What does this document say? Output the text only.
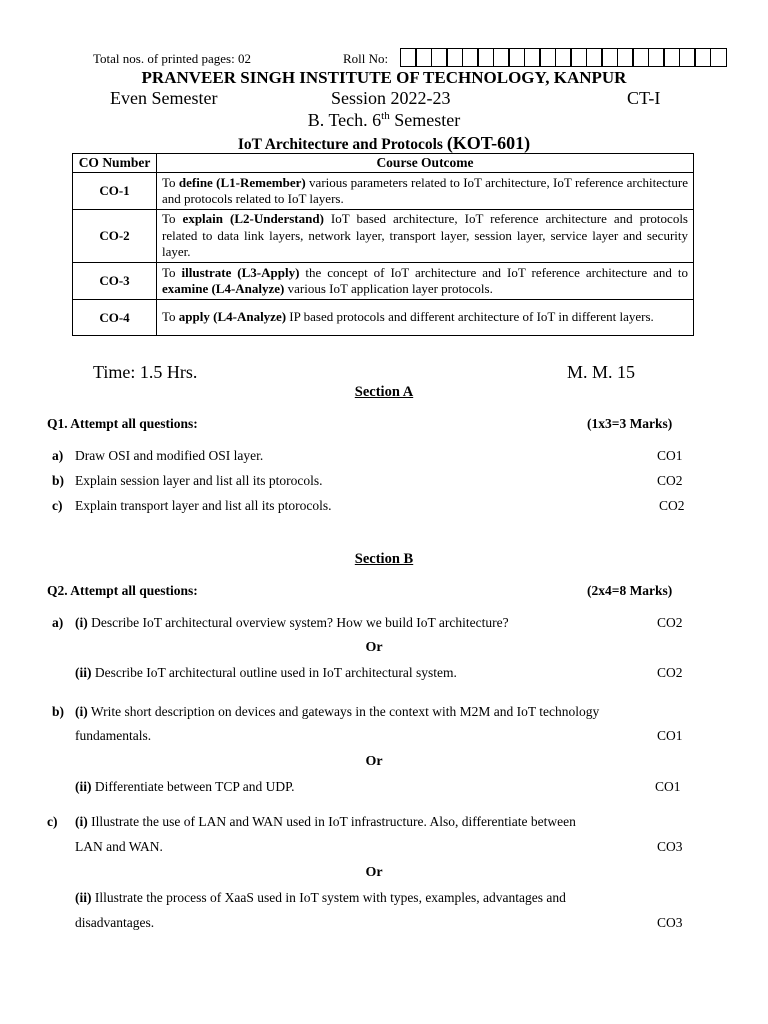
Total nos. of printed pages: 02	Roll No:
PRANVEER SINGH INSTITUTE OF TECHNOLOGY, KANPUR
Even Semester	Session 2022-23	CT-I
B. Tech. 6th Semester
IoT Architecture and Protocols (KOT-601)
CO Number	Course Outcome
CO-1	To define (L1-Remember) various parameters related to IoT architecture, IoT reference architecture and protocols related to IoT layers.
CO-2	To explain (L2-Understand) IoT based architecture, IoT reference architecture and protocols related to data link layers, network layer, transport layer, session layer, service layer and security layer.
CO-3	To illustrate (L3-Apply) the concept of IoT architecture and IoT reference architecture and to examine (L4-Analyze) various IoT application layer protocols.
CO-4	To apply (L4-Analyze) IP based protocols and different architecture of IoT in different layers.
Time: 1.5 Hrs.	M. M. 15
Section A
Q1. Attempt all questions:	(1x3=3 Marks)
a) Draw OSI and modified OSI layer.	CO1
b) Explain session layer and list all its ptorocols.	CO2
c) Explain transport layer and list all its ptorocols.	CO2
Section B
Q2. Attempt all questions:	(2x4=8 Marks)
a) (i) Describe IoT architectural overview system? How we build IoT architecture?	CO2
Or
(ii) Describe IoT architectural outline used in IoT architectural system.	CO2
b) (i) Write short description on devices and gateways in the context with M2M and IoT technology
fundamentals.	CO1
Or
(ii) Differentiate between TCP and UDP.	CO1
c) (i) Illustrate the use of LAN and WAN used in IoT infrastructure. Also, differentiate between
LAN and WAN.	CO3
Or
(ii) Illustrate the process of XaaS used in IoT system with types, examples, advantages and
disadvantages.	CO3
